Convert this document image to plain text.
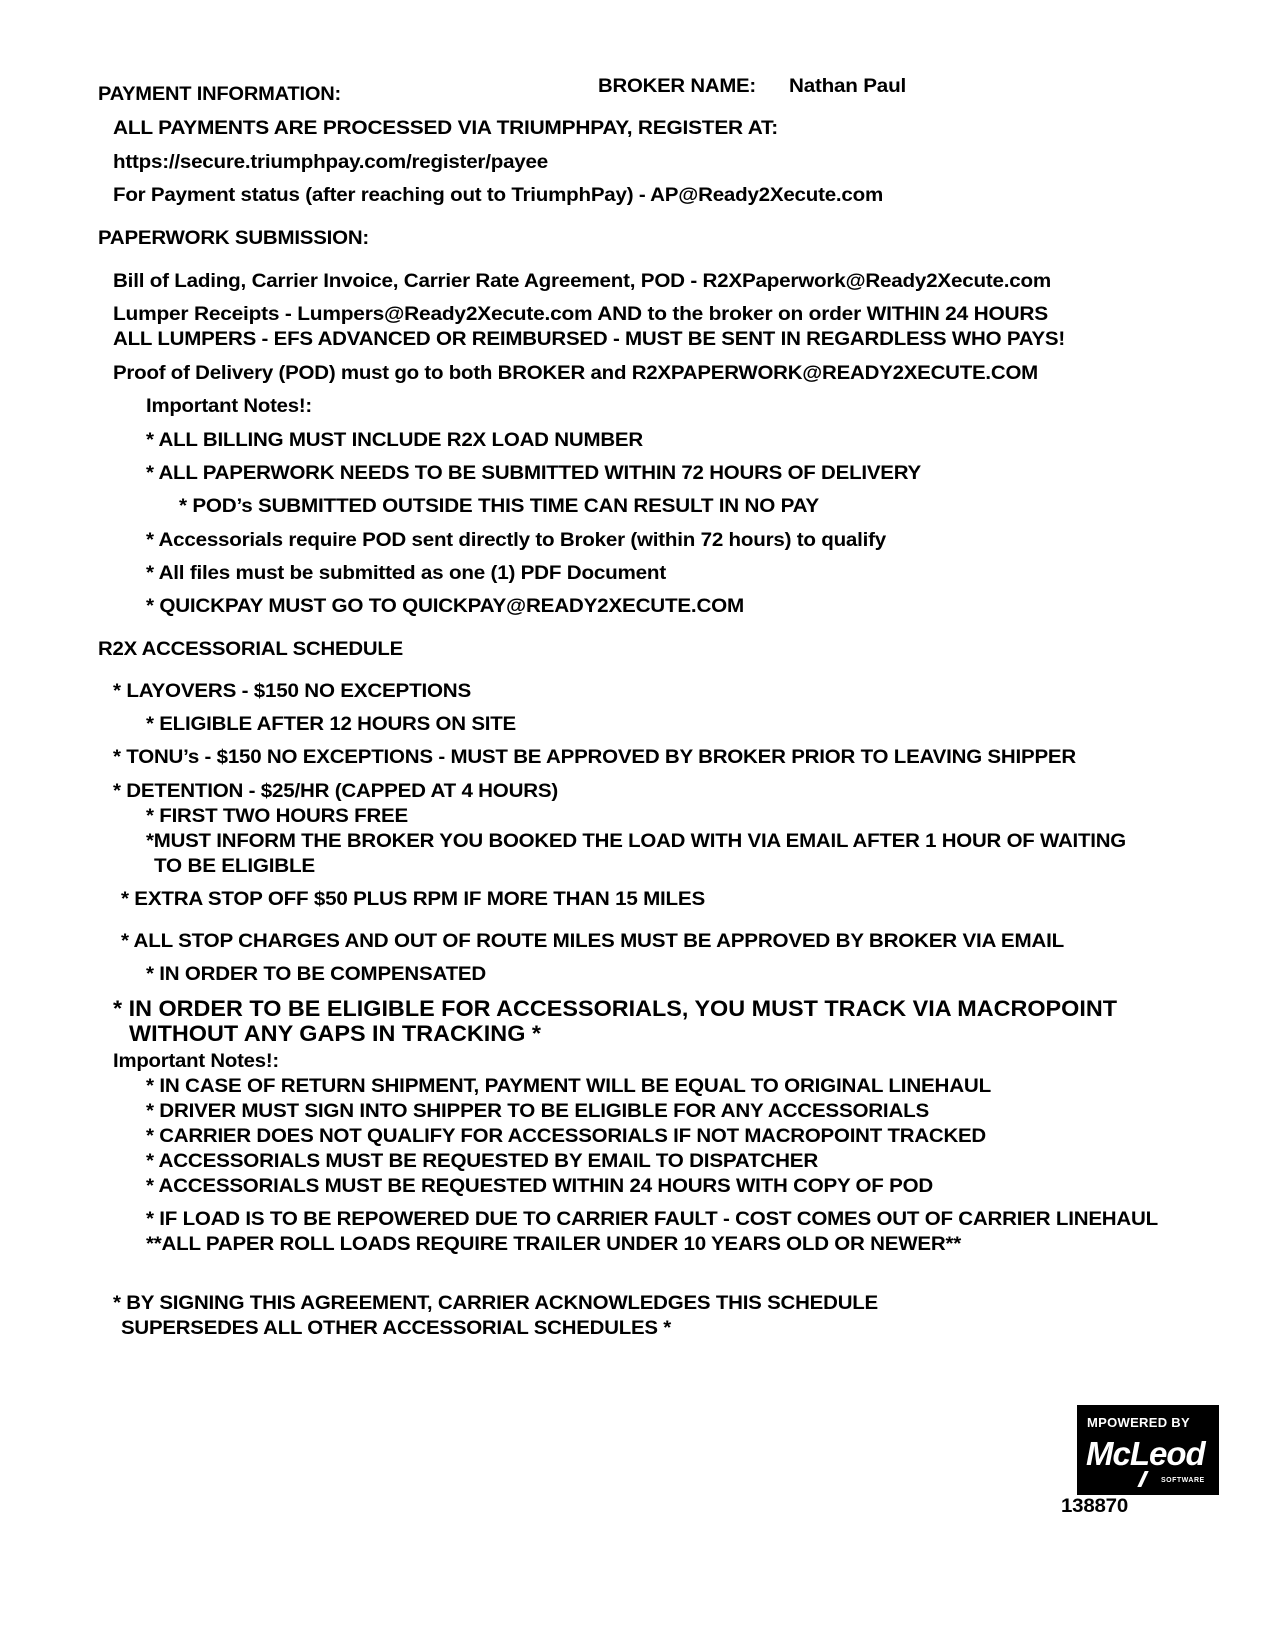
PAYMENT INFORMATION:	BROKER NAME: Nathan Paul
ALL PAYMENTS ARE PROCESSED VIA TRIUMPHPAY, REGISTER AT:
https://secure.triumphpay.com/register/payee
For Payment status (after reaching out to TriumphPay) - AP@Ready2Xecute.com
PAPERWORK SUBMISSION:
Bill of Lading, Carrier Invoice, Carrier Rate Agreement, POD - R2XPaperwork@Ready2Xecute.com
Lumper Receipts - Lumpers@Ready2Xecute.com AND to the broker on order WITHIN 24 HOURS
ALL LUMPERS - EFS ADVANCED OR REIMBURSED - MUST BE SENT IN REGARDLESS WHO PAYS!
Proof of Delivery (POD) must go to both BROKER and R2XPAPERWORK@READY2XECUTE.COM
Important Notes!:
* ALL BILLING MUST INCLUDE R2X LOAD NUMBER
* ALL PAPERWORK NEEDS TO BE SUBMITTED WITHIN 72 HOURS OF DELIVERY
* POD’s SUBMITTED OUTSIDE THIS TIME CAN RESULT IN NO PAY
* Accessorials require POD sent directly to Broker (within 72 hours) to qualify
* All files must be submitted as one (1) PDF Document
* QUICKPAY MUST GO TO QUICKPAY@READY2XECUTE.COM
R2X ACCESSORIAL SCHEDULE
* LAYOVERS - $150 NO EXCEPTIONS
* ELIGIBLE AFTER 12 HOURS ON SITE
* TONU’s - $150 NO EXCEPTIONS - MUST BE APPROVED BY BROKER PRIOR TO LEAVING SHIPPER
* DETENTION - $25/HR (CAPPED AT 4 HOURS)
* FIRST TWO HOURS FREE
*MUST INFORM THE BROKER YOU BOOKED THE LOAD WITH VIA EMAIL AFTER 1 HOUR OF WAITING
TO BE ELIGIBLE
* EXTRA STOP OFF $50 PLUS RPM IF MORE THAN 15 MILES
* ALL STOP CHARGES AND OUT OF ROUTE MILES MUST BE APPROVED BY BROKER VIA EMAIL
* IN ORDER TO BE COMPENSATED
* IN ORDER TO BE ELIGIBLE FOR ACCESSORIALS, YOU MUST TRACK VIA MACROPOINT
WITHOUT ANY GAPS IN TRACKING *
Important Notes!:
* IN CASE OF RETURN SHIPMENT, PAYMENT WILL BE EQUAL TO ORIGINAL LINEHAUL
* DRIVER MUST SIGN INTO SHIPPER TO BE ELIGIBLE FOR ANY ACCESSORIALS
* CARRIER DOES NOT QUALIFY FOR ACCESSORIALS IF NOT MACROPOINT TRACKED
* ACCESSORIALS MUST BE REQUESTED BY EMAIL TO DISPATCHER
* ACCESSORIALS MUST BE REQUESTED WITHIN 24 HOURS WITH COPY OF POD
* IF LOAD IS TO BE REPOWERED DUE TO CARRIER FAULT - COST COMES OUT OF CARRIER LINEHAUL
**ALL PAPER ROLL LOADS REQUIRE TRAILER UNDER 10 YEARS OLD OR NEWER**
* BY SIGNING THIS AGREEMENT, CARRIER ACKNOWLEDGES THIS SCHEDULE
SUPERSEDES ALL OTHER ACCESSORIAL SCHEDULES *
MPOWERED BY
McLeod
SOFTWARE
138870
